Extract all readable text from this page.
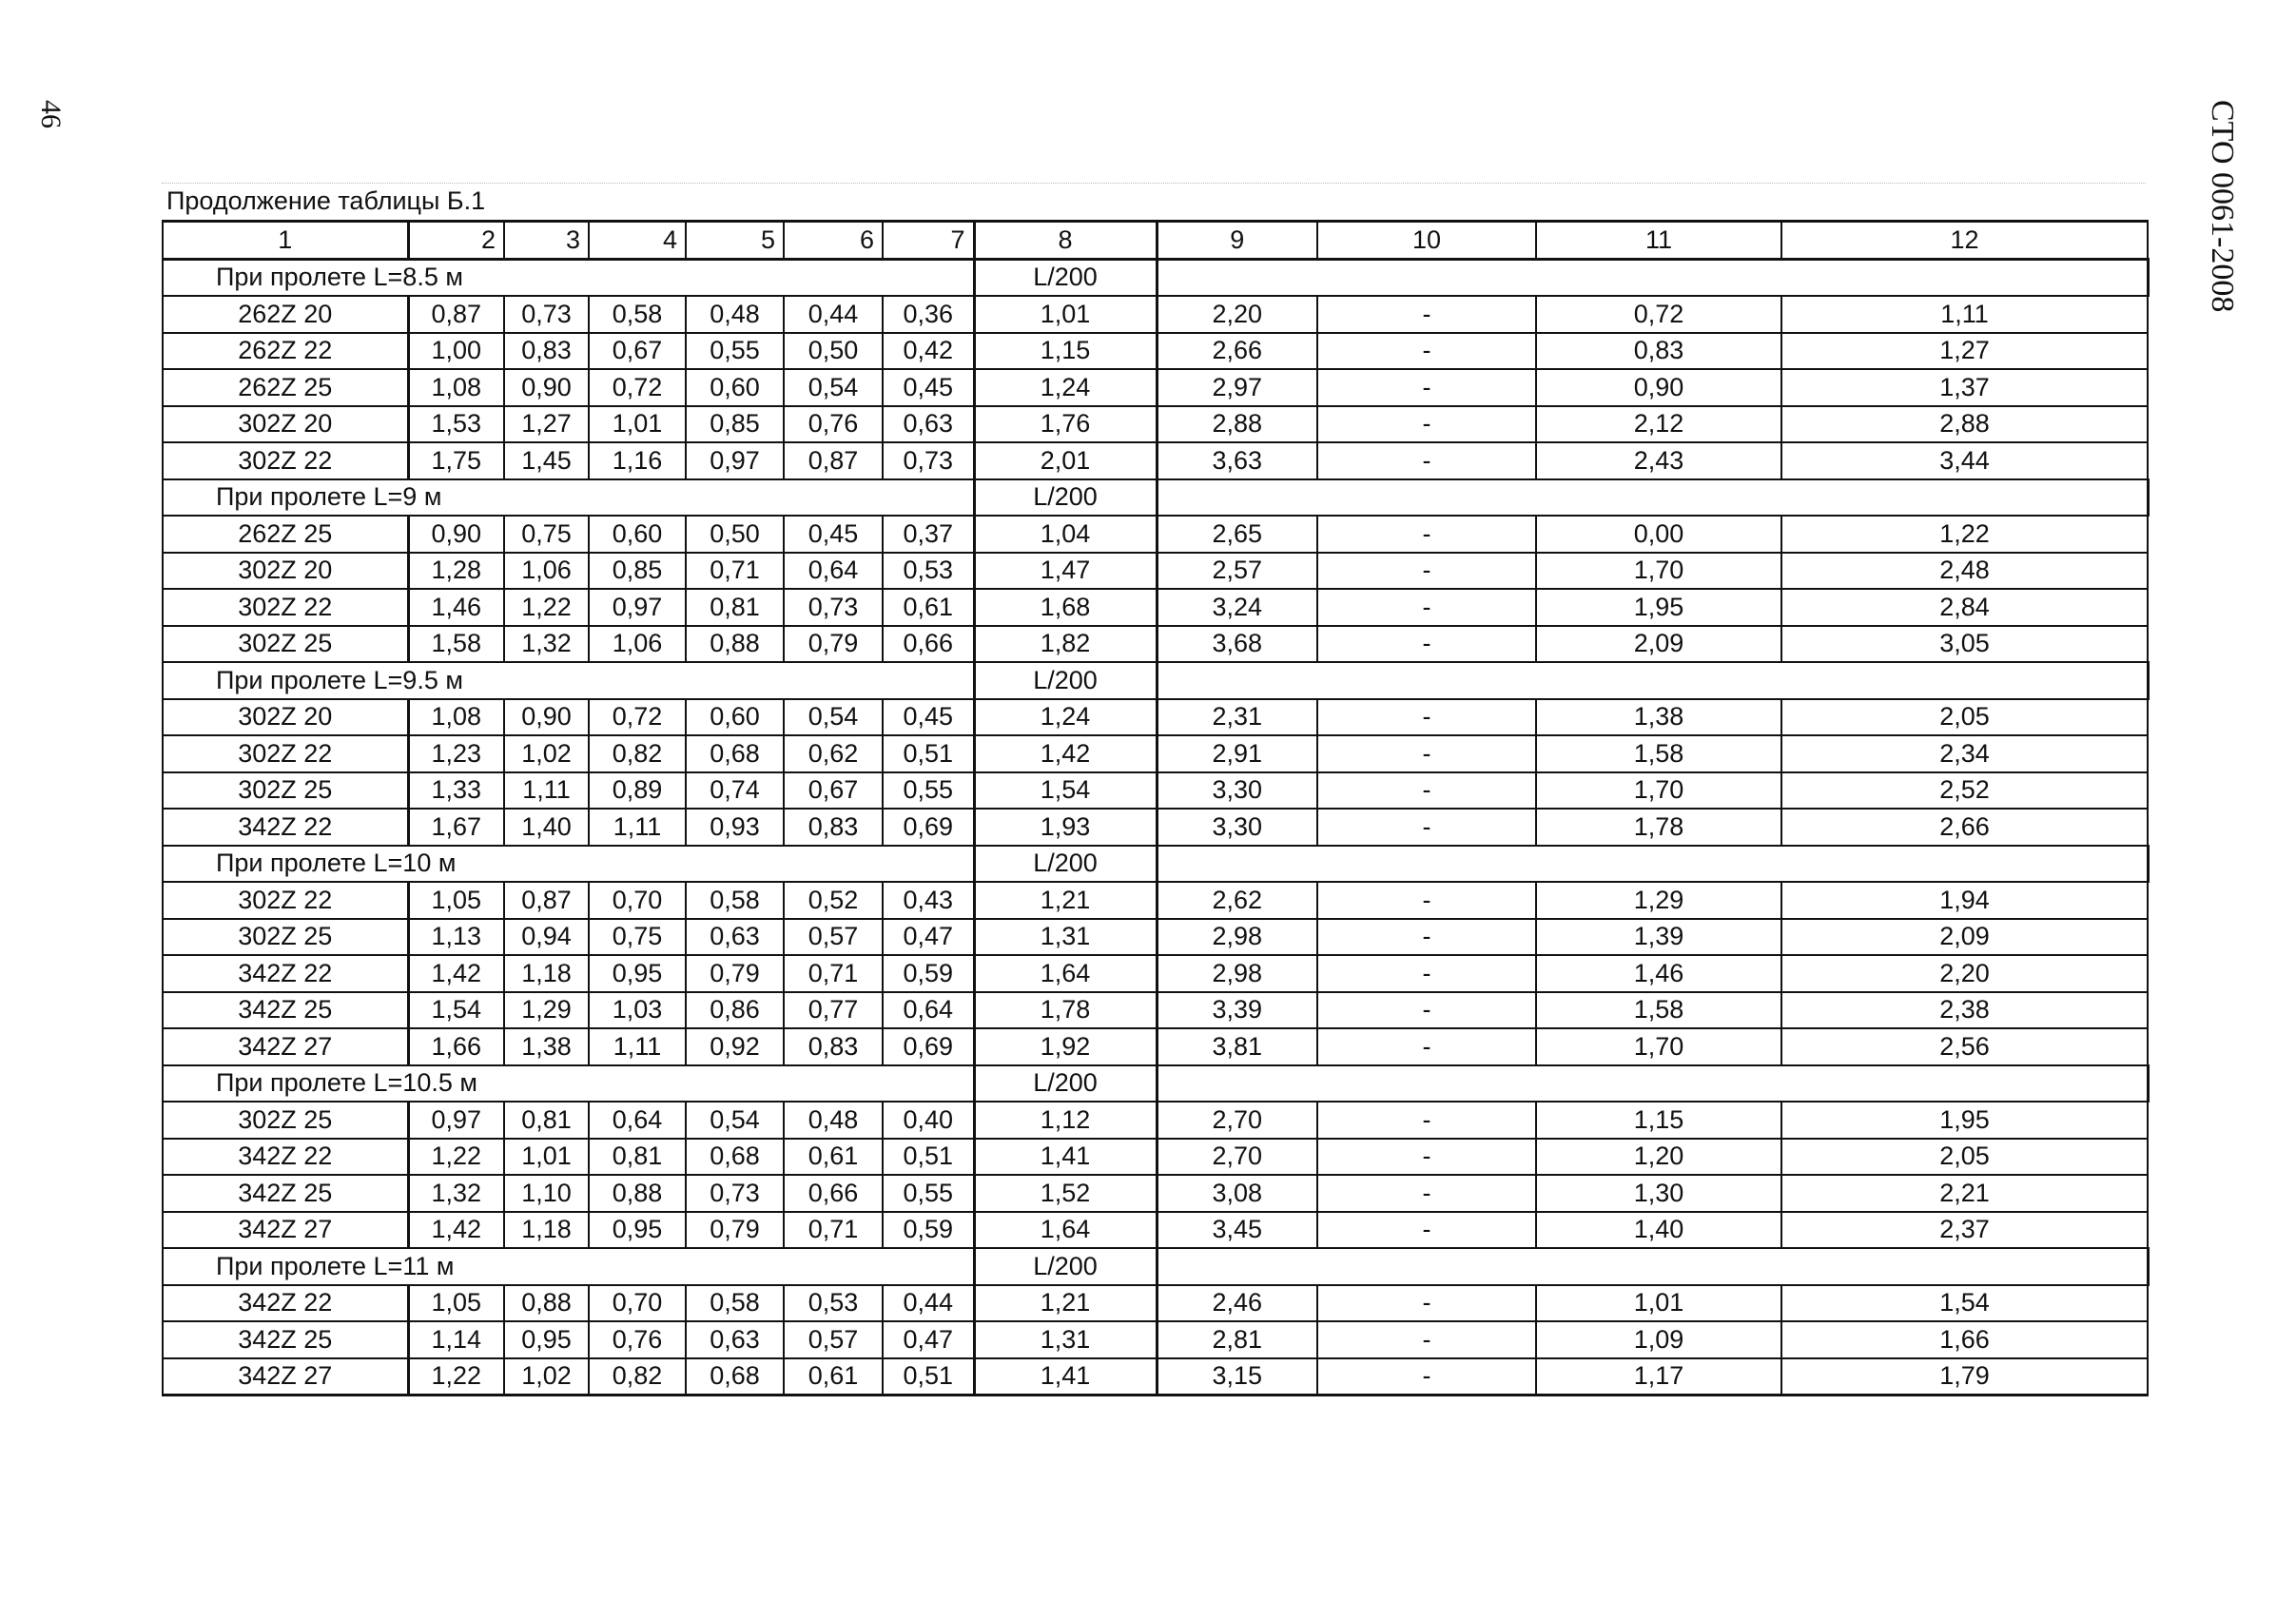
46	СТО 0061-2008
Продолжение таблицы Б.1
1	2	3	4	5	6	7	8	9	10	11	12
При пролете L=8.5 м							L/200				
262Z 20	0,87	0,73	0,58	0,48	0,44	0,36	1,01	2,20	-	0,72	1,11
262Z 22	1,00	0,83	0,67	0,55	0,50	0,42	1,15	2,66	-	0,83	1,27
262Z 25	1,08	0,90	0,72	0,60	0,54	0,45	1,24	2,97	-	0,90	1,37
302Z 20	1,53	1,27	1,01	0,85	0,76	0,63	1,76	2,88	-	2,12	2,88
302Z 22	1,75	1,45	1,16	0,97	0,87	0,73	2,01	3,63	-	2,43	3,44
При пролете L=9 м							L/200				
262Z 25	0,90	0,75	0,60	0,50	0,45	0,37	1,04	2,65	-	0,00	1,22
302Z 20	1,28	1,06	0,85	0,71	0,64	0,53	1,47	2,57	-	1,70	2,48
302Z 22	1,46	1,22	0,97	0,81	0,73	0,61	1,68	3,24	-	1,95	2,84
302Z 25	1,58	1,32	1,06	0,88	0,79	0,66	1,82	3,68	-	2,09	3,05
При пролете L=9.5 м							L/200				
302Z 20	1,08	0,90	0,72	0,60	0,54	0,45	1,24	2,31	-	1,38	2,05
302Z 22	1,23	1,02	0,82	0,68	0,62	0,51	1,42	2,91	-	1,58	2,34
302Z 25	1,33	1,11	0,89	0,74	0,67	0,55	1,54	3,30	-	1,70	2,52
342Z 22	1,67	1,40	1,11	0,93	0,83	0,69	1,93	3,30	-	1,78	2,66
При пролете L=10 м							L/200				
302Z 22	1,05	0,87	0,70	0,58	0,52	0,43	1,21	2,62	-	1,29	1,94
302Z 25	1,13	0,94	0,75	0,63	0,57	0,47	1,31	2,98	-	1,39	2,09
342Z 22	1,42	1,18	0,95	0,79	0,71	0,59	1,64	2,98	-	1,46	2,20
342Z 25	1,54	1,29	1,03	0,86	0,77	0,64	1,78	3,39	-	1,58	2,38
342Z 27	1,66	1,38	1,11	0,92	0,83	0,69	1,92	3,81	-	1,70	2,56
При пролете L=10.5 м							L/200				
302Z 25	0,97	0,81	0,64	0,54	0,48	0,40	1,12	2,70	-	1,15	1,95
342Z 22	1,22	1,01	0,81	0,68	0,61	0,51	1,41	2,70	-	1,20	2,05
342Z 25	1,32	1,10	0,88	0,73	0,66	0,55	1,52	3,08	-	1,30	2,21
342Z 27	1,42	1,18	0,95	0,79	0,71	0,59	1,64	3,45	-	1,40	2,37
При пролете L=11 м							L/200				
342Z 22	1,05	0,88	0,70	0,58	0,53	0,44	1,21	2,46	-	1,01	1,54
342Z 25	1,14	0,95	0,76	0,63	0,57	0,47	1,31	2,81	-	1,09	1,66
342Z 27	1,22	1,02	0,82	0,68	0,61	0,51	1,41	3,15	-	1,17	1,79
